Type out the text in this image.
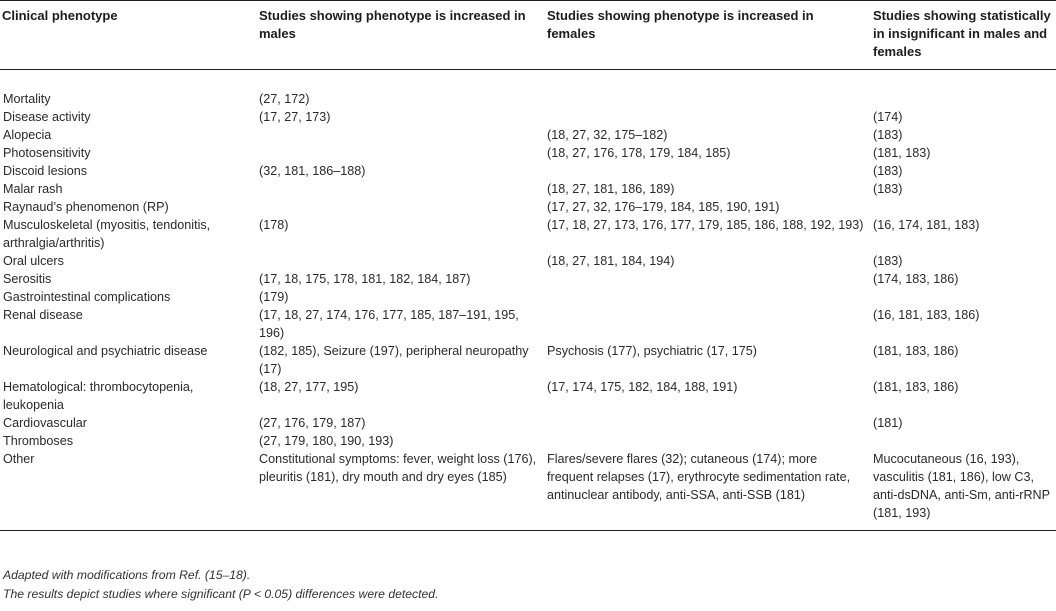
Clinical phenotype	Studies showing phenotype is increased in males	Studies showing phenotype is increased in females	Studies showing statistically in insignificant in males and females

Mortality	(27, 172)		
Disease activity	(17, 27, 173)		(174)
Alopecia		(18, 27, 32, 175–182)	(183)
Photosensitivity		(18, 27, 176, 178, 179, 184, 185)	(181, 183)
Discoid lesions	(32, 181, 186–188)		(183)
Malar rash		(18, 27, 181, 186, 189)	(183)
Raynaud’s phenomenon (RP)		(17, 27, 32, 176–179, 184, 185, 190, 191)	
Musculoskeletal (myositis, tendonitis, arthralgia/arthritis)	(178)	(17, 18, 27, 173, 176, 177, 179, 185, 186, 188, 192, 193)	(16, 174, 181, 183)
Oral ulcers		(18, 27, 181, 184, 194)	(183)
Serositis	(17, 18, 175, 178, 181, 182, 184, 187)		(174, 183, 186)
Gastrointestinal complications	(179)		
Renal disease	(17, 18, 27, 174, 176, 177, 185, 187–191, 195, 196)		(16, 181, 183, 186)
Neurological and psychiatric disease	(182, 185), Seizure (197), peripheral neuropathy (17)	Psychosis (177), psychiatric (17, 175)	(181, 183, 186)
Hematological: thrombocytopenia, leukopenia	(18, 27, 177, 195)	(17, 174, 175, 182, 184, 188, 191)	(181, 183, 186)
Cardiovascular	(27, 176, 179, 187)		(181)
Thromboses	(27, 179, 180, 190, 193)		
Other	Constitutional symptoms: fever, weight loss (176), pleuritis (181), dry mouth and dry eyes (185)	Flares/severe flares (32); cutaneous (174); more frequent relapses (17), erythrocyte sedimentation rate, antinuclear antibody, anti-SSA, anti-SSB (181)	Mucocutaneous (16, 193), vasculitis (181, 186), low C3, anti-dsDNA, anti-Sm, anti-rRNP (181, 193)
Adapted with modifications from Ref. (15–18).
The results depict studies where significant (P < 0.05) differences were detected.
